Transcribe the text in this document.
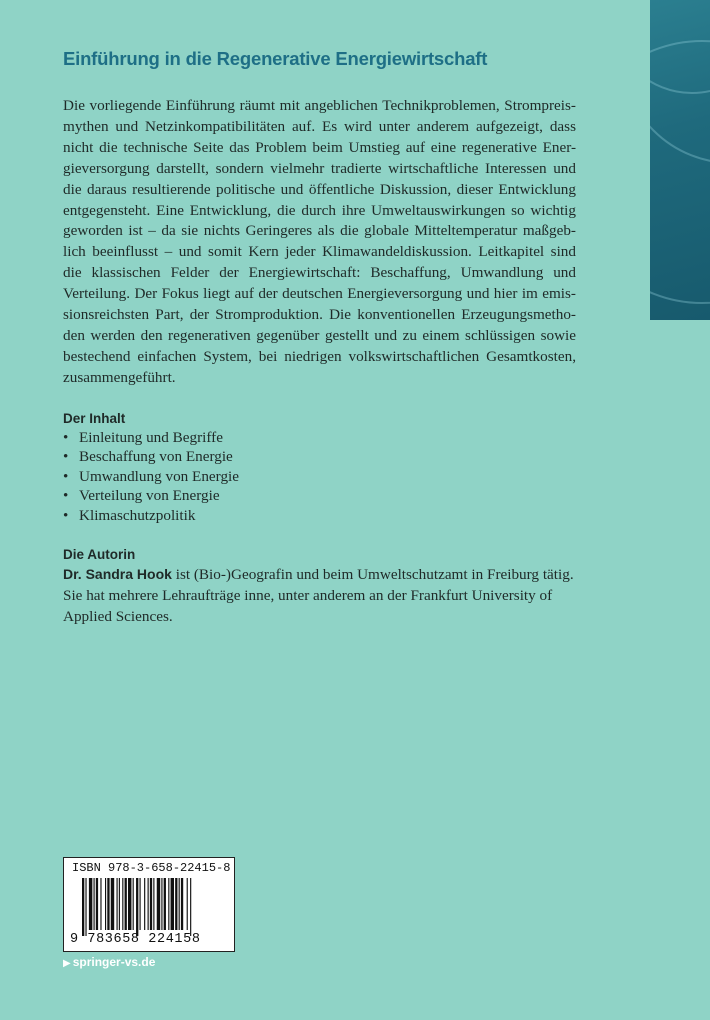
Einführung in die Regenerative Energiewirtschaft

Die vorliegende Einführung räumt mit angeblichen Technikproblemen, Strompreis-
mythen und Netzinkompatibilitäten auf. Es wird unter anderem aufgezeigt, dass
nicht die technische Seite das Problem beim Umstieg auf eine regenerative Ener-
gieversorgung darstellt, sondern vielmehr tradierte wirtschaftliche Interessen und
die daraus resultierende politische und öffentliche Diskussion, dieser Entwicklung
entgegensteht. Eine Entwicklung, die durch ihre Umweltauswirkungen so wichtig
geworden ist – da sie nichts Geringeres als die globale Mitteltemperatur maßgeb-
lich beeinflusst – und somit Kern jeder Klimawandeldiskussion. Leitkapitel sind
die klassischen Felder der Energiewirtschaft: Beschaffung, Umwandlung und
Verteilung. Der Fokus liegt auf der deutschen Energieversorgung und hier im emis-
sionsreichsten Part, der Stromproduktion. Die konventionellen Erzeugungsmetho-
den werden den regenerativen gegenüber gestellt und zu einem schlüssigen sowie
bestechend einfachen System, bei niedrigen volkswirtschaftlichen Gesamtkosten,
zusammengeführt.

Der Inhalt
• Einleitung und Begriffe
• Beschaffung von Energie
• Umwandlung von Energie
• Verteilung von Energie
• Klimaschutzpolitik
Die Autorin

Dr. Sandra Hook ist (Bio-)Geografin und beim Umweltschutzamt in Freiburg tätig.
Sie hat mehrere Lehraufträge inne, unter anderem an der Frankfurt University of
Applied Sciences.

ISBN 978-3-658-22415-8
9 783658 224158
▶ springer-vs.de
